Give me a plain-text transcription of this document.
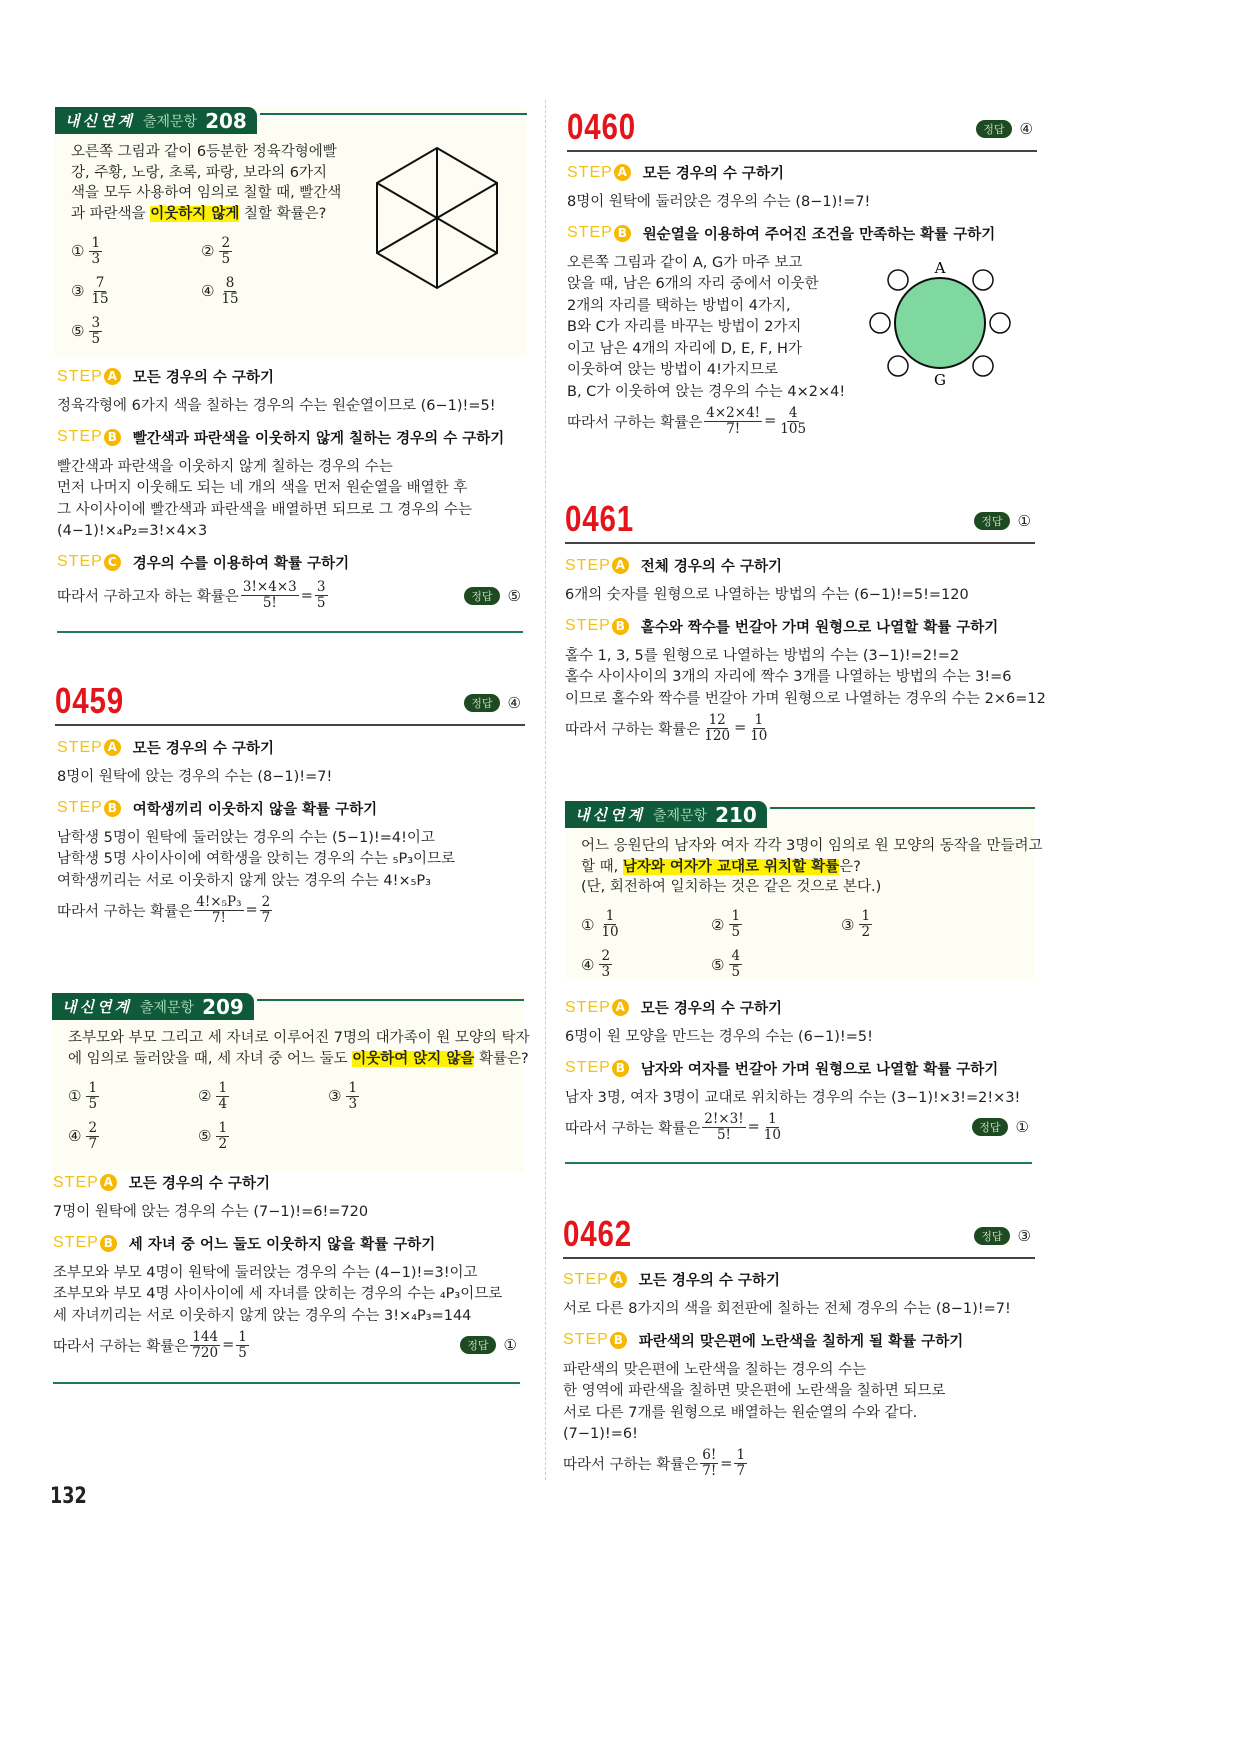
내신연계 출제문항 208
오른쪽 그림과 같이 6등분한 정육각형에빨
강, 주황, 노랑, 초록, 파랑, 보라의 6가지
색을 모두 사용하여 임의로 칠할 때, 빨간색
과 파란색을 이웃하지 않게 칠할 확률은?
① $\frac{1}{3}$	② $\frac{2}{5}$
③ $\frac{7}{15}$	④ $\frac{8}{15}$
⑤ $\frac{3}{5}$
STEP A 모든 경우의 수 구하기
정육각형에 6가지 색을 칠하는 경우의 수는 원순열이므로 (6−1)!=5!
STEP B 빨간색과 파란색을 이웃하지 않게 칠하는 경우의 수 구하기
빨간색과 파란색을 이웃하지 않게 칠하는 경우의 수는
먼저 나머지 이웃해도 되는 네 개의 색을 먼저 원순열을 배열한 후
그 사이사이에 빨간색과 파란색을 배열하면 되므로 그 경우의 수는
(4−1)!×₄P₂=3!×4×3
STEP C 경우의 수를 이용하여 확률 구하기
따라서 구하고자 하는 확률은 $\frac{3!\times 4\times 3}{5!} = \frac{3}{5}$	정답	⑤
0459	정답	④
STEP A 모든 경우의 수 구하기
8명이 원탁에 앉는 경우의 수는 (8−1)!=7!
STEP B 여학생끼리 이웃하지 않을 확률 구하기
남학생 5명이 원탁에 둘러앉는 경우의 수는 (5−1)!=4!이고
남학생 5명 사이사이에 여학생을 앉히는 경우의 수는 ₅P₃이므로
여학생끼리는 서로 이웃하지 않게 앉는 경우의 수는 4!×₅P₃
따라서 구하는 확률은 $\frac{\text{4!×₅P₃}}{7!} = \frac{2}{7}$
내신연계 출제문항 209
조부모와 부모 그리고 세 자녀로 이루어진 7명의 대가족이 원 모양의 탁자
에 임의로 둘러앉을 때, 세 자녀 중 어느 둘도 이웃하여 앉지 않을 확률은?
① $\frac{1}{5}$	② $\frac{1}{4}$	③ $\frac{1}{3}$
④ $\frac{2}{7}$	⑤ $\frac{1}{2}$
STEP A 모든 경우의 수 구하기
7명이 원탁에 앉는 경우의 수는 (7−1)!=6!=720
STEP B 세 자녀 중 어느 둘도 이웃하지 않을 확률 구하기
조부모와 부모 4명이 원탁에 둘러앉는 경우의 수는 (4−1)!=3!이고
조부모와 부모 4명 사이사이에 세 자녀를 앉히는 경우의 수는 ₄P₃이므로
세 자녀끼리는 서로 이웃하지 않게 앉는 경우의 수는 3!×₄P₃=144
따라서 구하는 확률은 $\frac{144}{720} = \frac{1}{5}$	정답	①
0460	정답	④
STEP A 모든 경우의 수 구하기
8명이 원탁에 둘러앉은 경우의 수는 (8−1)!=7!
STEP B 원순열을 이용하여 주어진 조건을 만족하는 확률 구하기
오른쪽 그림과 같이 A, G가 마주 보고
앉을 때, 남은 6개의 자리 중에서 이웃한
2개의 자리를 택하는 방법이 4가지,
B와 C가 자리를 바꾸는 방법이 2가지
이고 남은 4개의 자리에 D, E, F, H가
이웃하여 앉는 방법이 4!가지므로
B, C가 이웃하여 앉는 경우의 수는 4×2×4!
따라서 구하는 확률은 $\frac{4\times 2\times 4!}{7!} = \frac{4}{105}$
0461	정답	①
STEP A 전체 경우의 수 구하기
6개의 숫자를 원형으로 나열하는 방법의 수는 (6−1)!=5!=120
STEP B 홀수와 짝수를 번갈아 가며 원형으로 나열할 확률 구하기
홀수 1, 3, 5를 원형으로 나열하는 방법의 수는 (3−1)!=2!=2
홀수 사이사이의 3개의 자리에 짝수 3개를 나열하는 방법의 수는 3!=6
이므로 홀수와 짝수를 번갈아 가며 원형으로 나열하는 경우의 수는 2×6=12
따라서 구하는 확률은 $\frac{12}{120} = \frac{1}{10}$
내신연계 출제문항 210
어느 응원단의 남자와 여자 각각 3명이 임의로 원 모양의 동작을 만들려고
할 때, 남자와 여자가 교대로 위치할 확률은?
(단, 회전하여 일치하는 것은 같은 것으로 본다.)
① $\frac{1}{10}$	② $\frac{1}{5}$	③ $\frac{1}{2}$
④ $\frac{2}{3}$	⑤ $\frac{4}{5}$
STEP A 모든 경우의 수 구하기
6명이 원 모양을 만드는 경우의 수는 (6−1)!=5!
STEP B 남자와 여자를 번갈아 가며 원형으로 나열할 확률 구하기
남자 3명, 여자 3명이 교대로 위치하는 경우의 수는 (3−1)!×3!=2!×3!
따라서 구하는 확률은 $\frac{2!\times 3!}{5!} = \frac{1}{10}$	정답	①
0462	정답	③
STEP A 모든 경우의 수 구하기
서로 다른 8가지의 색을 회전판에 칠하는 전체 경우의 수는 (8−1)!=7!
STEP B 파란색의 맞은편에 노란색을 칠하게 될 확률 구하기
파란색의 맞은편에 노란색을 칠하는 경우의 수는
한 영역에 파란색을 칠하면 맞은편에 노란색을 칠하면 되므로
서로 다른 7개를 원형으로 배열하는 원순열의 수와 같다.
(7−1)!=6!
따라서 구하는 확률은 $\frac{6!}{7!} = \frac{1}{7}$
A
G
132
